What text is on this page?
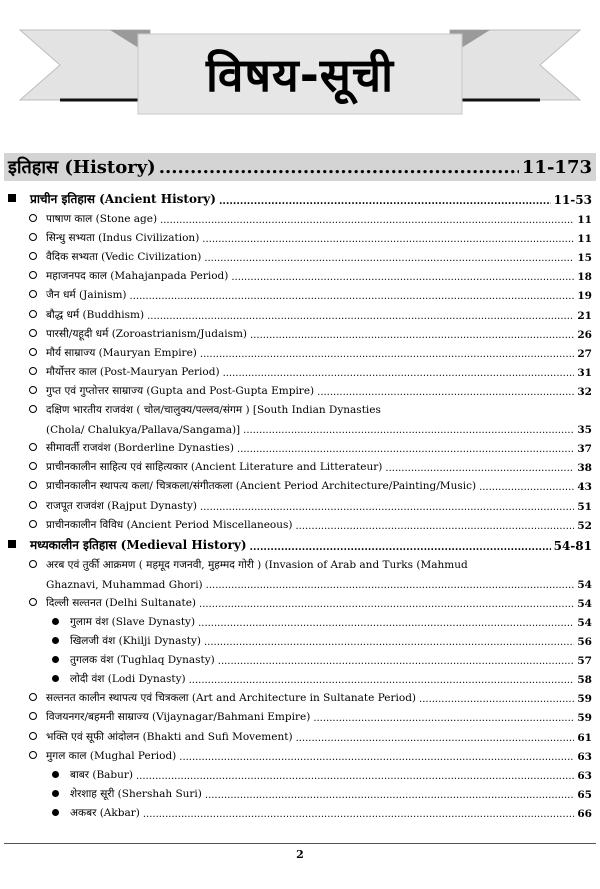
विषय-सूची
इतिहास (History) .....	11-173
प्राचीन इतिहास (Ancient History) .....	11-53
पाषाण काल (Stone age) .....	11
सिन्धु सभ्यता (Indus Civilization) .....	11
वैदिक सभ्यता (Vedic Civilization) .....	15
महाजनपद काल (Mahajanpada Period) .....	18
जैन धर्म (Jainism) .....	19
बौद्ध धर्म (Buddhism) .....	21
पारसी/यहूदी धर्म (Zoroastrianism/Judaism) .....	26
मौर्य साम्राज्य (Mauryan Empire) .....	27
मौर्योत्तर काल (Post-Mauryan Period) .....	31
गुप्त एवं गुप्तोत्तर साम्राज्य (Gupta and Post-Gupta Empire) .....	32
दक्षिण भारतीय राजवंश ( चोल/चालुक्य/पल्लव/संगम ) [South Indian Dynasties
(Chola/ Chalukya/Pallava/Sangama)] .....	35
सीमावर्ती राजवंश (Borderline Dynasties) .....	37
प्राचीनकालीन साहित्य एवं साहित्यकार (Ancient Literature and Litterateur) .....	38
प्राचीनकालीन स्थापत्य कला/ चित्रकला/संगीतकला (Ancient Period Architecture/Painting/Music) .....	43
राजपूत राजवंश (Rajput Dynasty) .....	51
प्राचीनकालीन विविध (Ancient Period Miscellaneous) .....	52
मध्यकालीन इतिहास (Medieval History) .....	54-81
अरब एवं तुर्की आक्रमण ( महमूद गजनवी, मुहम्मद गोरी ) (Invasion of Arab and Turks (Mahmud
Ghaznavi, Muhammad Ghori) .....	54
दिल्ली सल्तनत (Delhi Sultanate) .....	54
गुलाम वंश (Slave Dynasty) .....	54
खिलजी वंश (Khilji Dynasty) .....	56
तुगलक वंश (Tughlaq Dynasty) .....	57
लोदी वंश (Lodi Dynasty) .....	58
सल्तनत कालीन स्थापत्य एवं चित्रकला (Art and Architecture in Sultanate Period) .....	59
विजयनगर/बहमनी साम्राज्य (Vijaynagar/Bahmani Empire) .....	59
भक्ति एवं सूफी आंदोलन (Bhakti and Sufi Movement) .....	61
मुगल काल (Mughal Period) .....	63
बाबर (Babur) .....	63
शेरशाह सूरी (Shershah Suri) .....	65
अकबर (Akbar) .....	66
2
